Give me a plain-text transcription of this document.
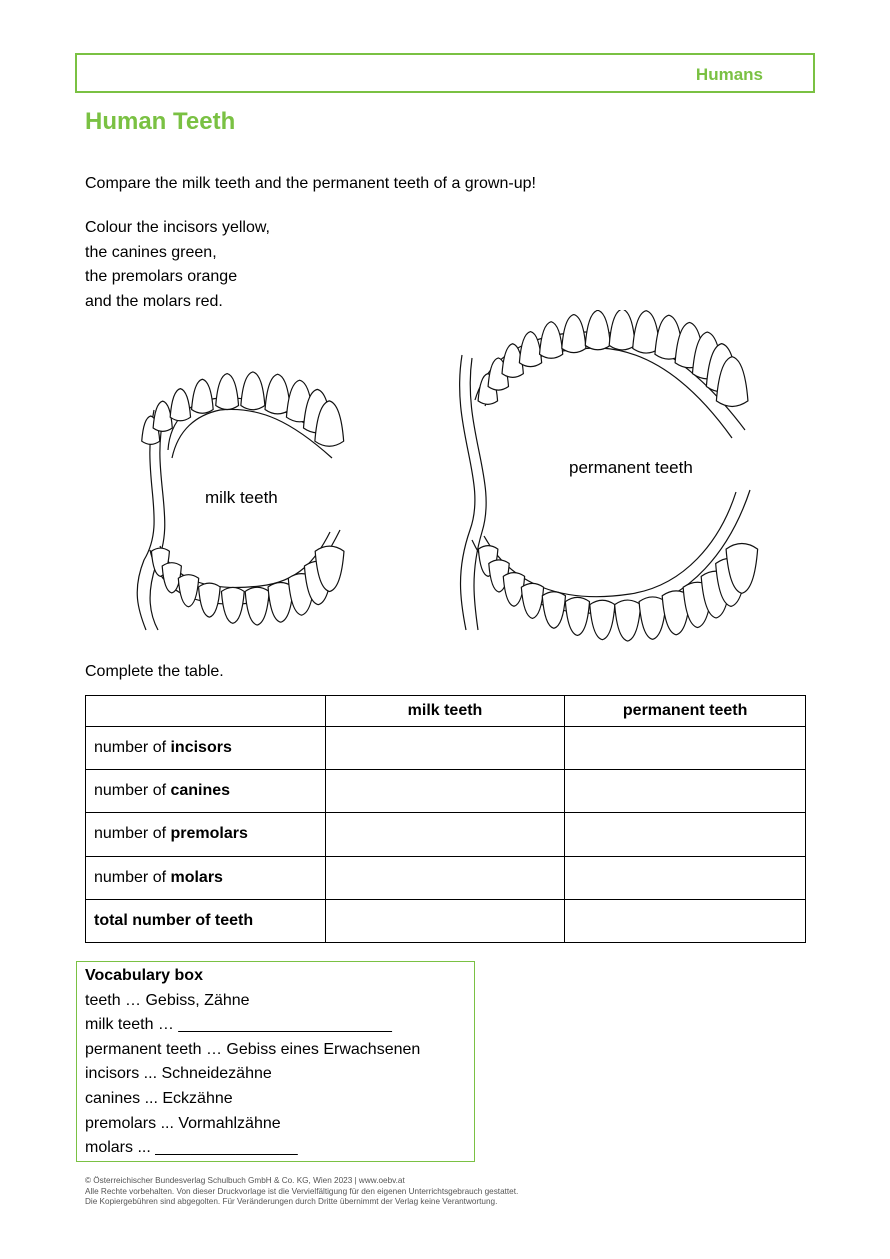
Humans
Human Teeth

Compare the milk teeth and the permanent teeth of a grown-up!

Colour the incisors yellow,
the canines green,
the premolars orange
and the molars red.
milk teeth
permanent teeth

Complete the table.

	milk teeth	permanent teeth
number of incisors		
number of canines		
number of premolars		
number of molars		
total number of teeth		
Vocabulary box
teeth … Gebiss, Zähne
milk teeth … ________________________
permanent teeth … Gebiss eines Erwachsenen
incisors ... Schneidezähne
canines ... Eckzähne
premolars ... Vormahlzähne
molars ... ________________
© Österreichischer Bundesverlag Schulbuch GmbH & Co. KG, Wien 2023 | www.oebv.at
Alle Rechte vorbehalten. Von dieser Druckvorlage ist die Vervielfältigung für den eigenen Unterrichtsgebrauch gestattet.
Die Kopiergebühren sind abgegolten. Für Veränderungen durch Dritte übernimmt der Verlag keine Verantwortung.
